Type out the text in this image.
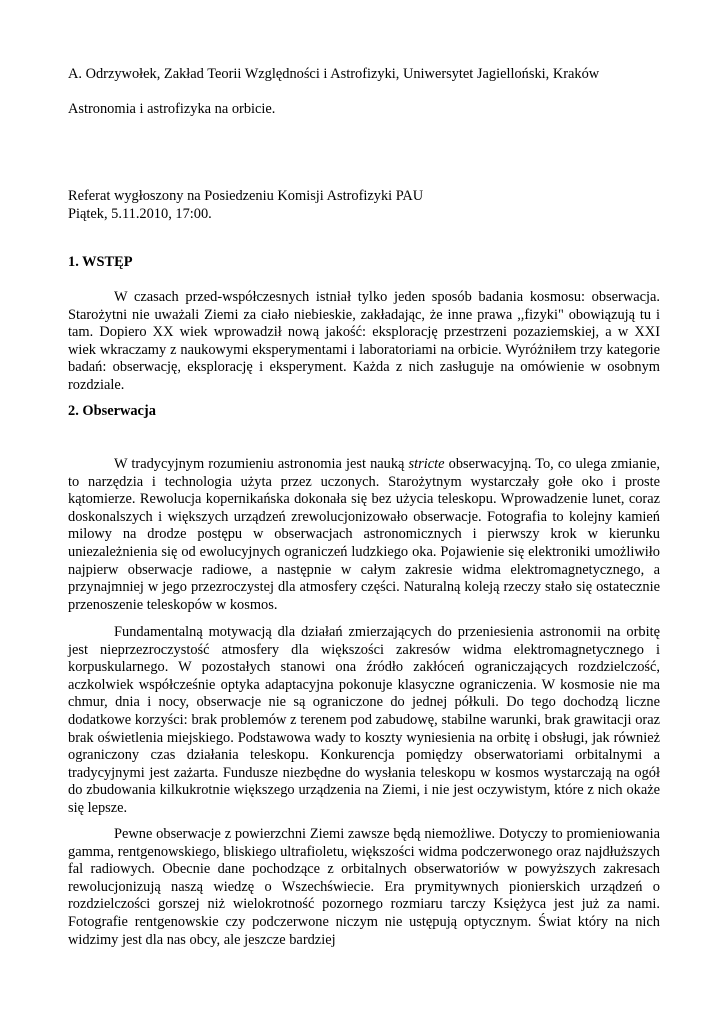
A. Odrzywołek, Zakład Teorii Względności i Astrofizyki, Uniwersytet Jagielloński, Kraków

Astronomia i astrofizyka na orbicie.

Referat wygłoszony na Posiedzeniu Komisji Astrofizyki PAU

Piątek, 5.11.2010, 17:00.

1. WSTĘP

W czasach przed-współczesnych istniał tylko jeden sposób badania kosmosu: obserwacja. Starożytni nie uważali Ziemi za ciało niebieskie, zakładając, że inne prawa ,,fizyki" obowiązują tu i tam. Dopiero XX wiek wprowadził nową jakość: eksplorację przestrzeni pozaziemskiej, a w XXI wiek wkraczamy z naukowymi eksperymentami i laboratoriami na orbicie. Wyróżniłem trzy kategorie badań: obserwację, eksplorację i eksperyment. Każda z nich zasługuje na omówienie w osobnym rozdziale.

2. Obserwacja

W tradycyjnym rozumieniu astronomia jest nauką stricte obserwacyjną. To, co ulega zmianie, to narzędzia i technologia użyta przez uczonych. Starożytnym wystarczały gołe oko i proste kątomierze. Rewolucja kopernikańska dokonała się bez użycia teleskopu. Wprowadzenie lunet, coraz doskonalszych i większych urządzeń zrewolucjonizowało obserwacje. Fotografia to kolejny kamień milowy na drodze postępu w obserwacjach astronomicznych i pierwszy krok w kierunku uniezależnienia się od ewolucyjnych ograniczeń ludzkiego oka. Pojawienie się elektroniki umożliwiło najpierw obserwacje radiowe, a następnie w całym zakresie widma elektromagnetycznego, a przynajmniej w jego przezroczystej dla atmosfery części. Naturalną koleją rzeczy stało się ostatecznie przenoszenie teleskopów w kosmos.

Fundamentalną motywacją dla działań zmierzających do przeniesienia astronomii na orbitę jest nieprzezroczystość atmosfery dla większości zakresów widma elektromagnetycznego i korpuskularnego. W pozostałych stanowi ona źródło zakłóceń ograniczających rozdzielczość, aczkolwiek współcześnie optyka adaptacyjna pokonuje klasyczne ograniczenia. W kosmosie nie ma chmur, dnia i nocy, obserwacje nie są ograniczone do jednej półkuli. Do tego dochodzą liczne dodatkowe korzyści: brak problemów z terenem pod zabudowę, stabilne warunki, brak grawitacji oraz brak oświetlenia miejskiego. Podstawowa wady to koszty wyniesienia na orbitę i obsługi, jak również ograniczony czas działania teleskopu. Konkurencja pomiędzy obserwatoriami orbitalnymi a tradycyjnymi jest zażarta. Fundusze niezbędne do wysłania teleskopu w kosmos wystarczają na ogół do zbudowania kilkukrotnie większego urządzenia na Ziemi, i nie jest oczywistym, które z nich okaże się lepsze.

Pewne obserwacje z powierzchni Ziemi zawsze będą niemożliwe. Dotyczy to promieniowania gamma, rentgenowskiego, bliskiego ultrafioletu, większości widma podczerwonego oraz najdłuższych fal radiowych. Obecnie dane pochodzące z orbitalnych obserwatoriów w powyższych zakresach rewolucjonizują naszą wiedzę o Wszechświecie. Era prymitywnych pionierskich urządzeń o rozdzielczości gorszej niż wielokrotność pozornego rozmiaru tarczy Księżyca jest już za nami. Fotografie rentgenowskie czy podczerwone niczym nie ustępują optycznym. Świat który na nich widzimy jest dla nas obcy, ale jeszcze bardziej
